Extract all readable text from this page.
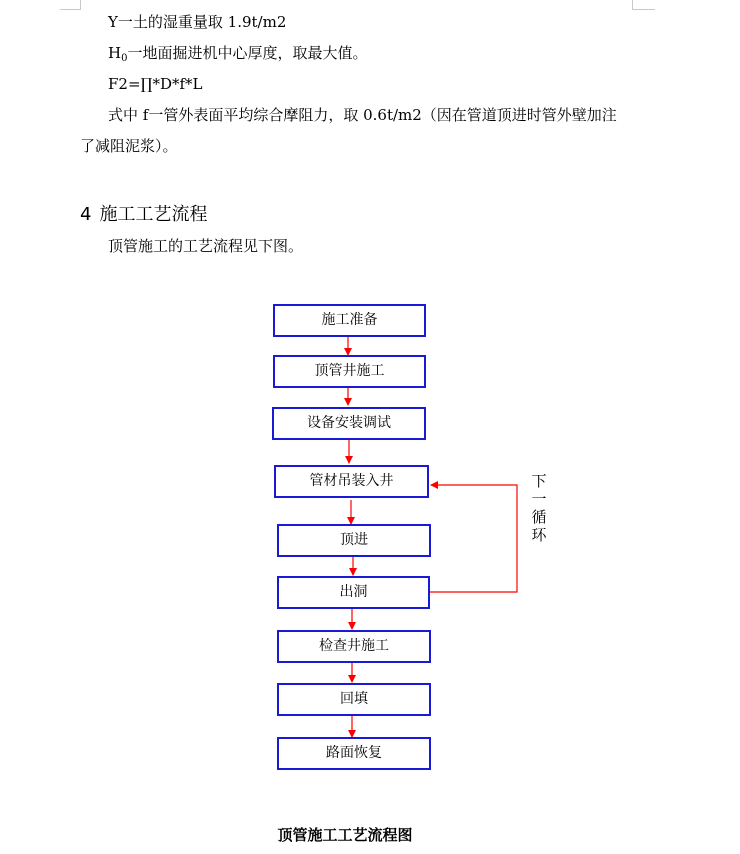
Y一土的湿重量取 1.9t/m2
$H_0$一地面掘进机中心厚度，取最大值。
F2=∏*D*f*L
式中 f一管外表面平均综合摩阻力，取 0.6t/m2（因在管道顶进时管外壁加注
了减阻泥浆）。
4 施工工艺流程
顶管施工的工艺流程见下图。
施工准备
顶管井施工
设备安装调试
管材吊装入井
顶进
出洞
检查井施工
回填
路面恢复
下
一
循
环
顶管施工工艺流程图
